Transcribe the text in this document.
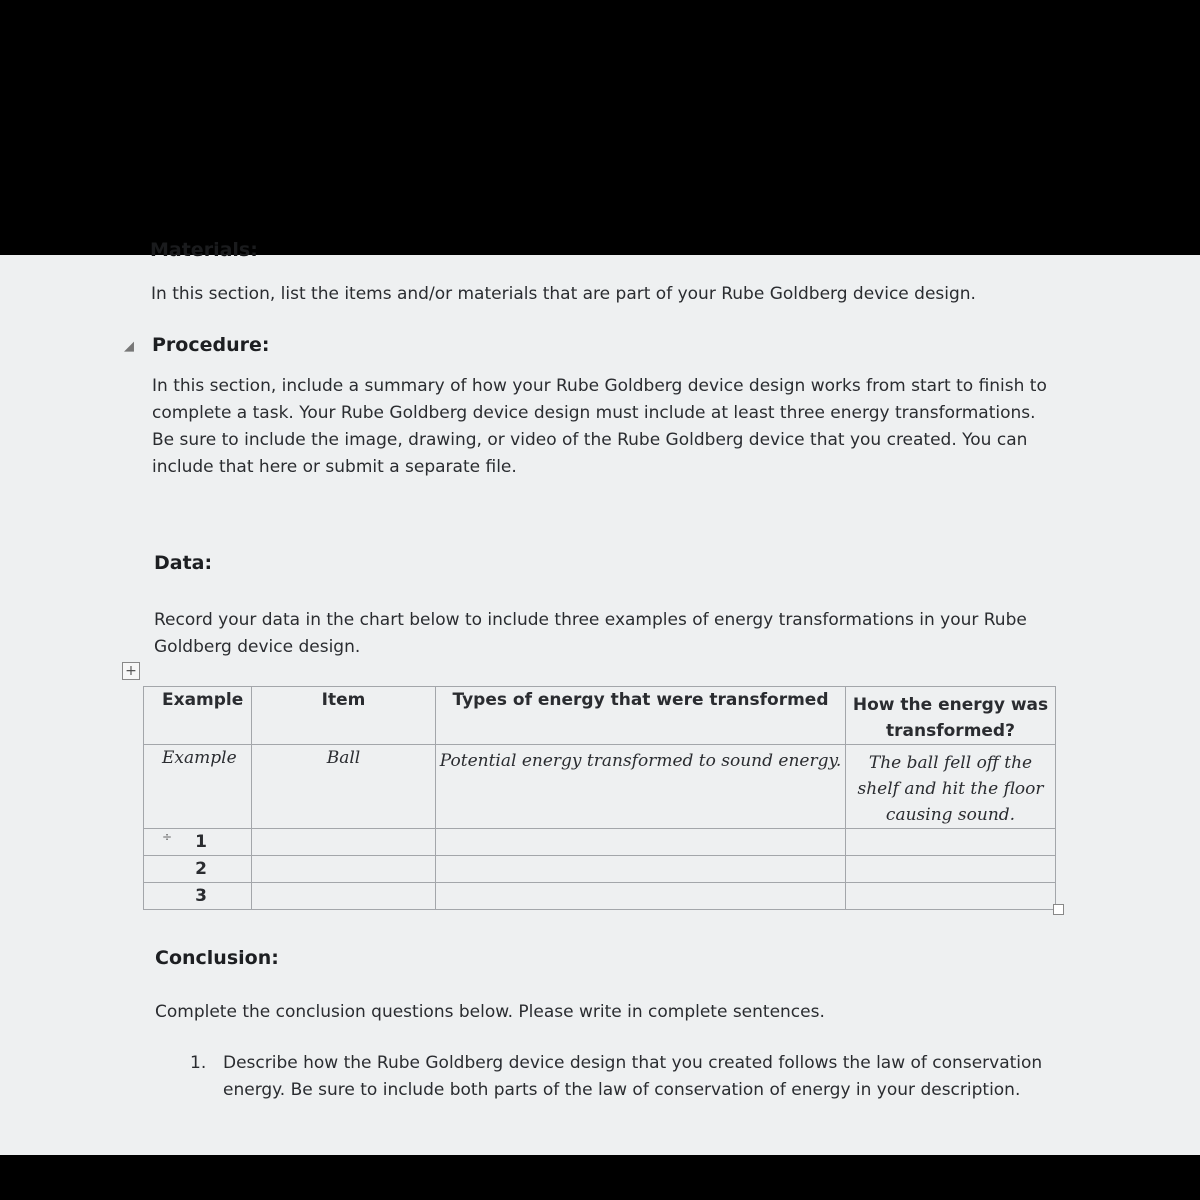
Materials:
In this section, list the items and/or materials that are part of your Rube Goldberg device design.
◢ Procedure:
In this section, include a summary of how your Rube Goldberg device design works from start to finish to
complete a task. Your Rube Goldberg device design must include at least three energy transformations.
Be sure to include the image, drawing, or video of the Rube Goldberg device that you created. You can
include that here or submit a separate file.
Data:
Record your data in the chart below to include three examples of energy transformations in your Rube
Goldberg device design.
+
Example	Item	Types of energy that were transformed	How the energy was transformed?
Example	Ball	Potential energy transformed to sound energy.	The ball fell off the shelf and hit the floor causing sound.
1			
2			
3			
÷
Conclusion:
Complete the conclusion questions below. Please write in complete sentences.
1. Describe how the Rube Goldberg device design that you created follows the law of conservation
energy. Be sure to include both parts of the law of conservation of energy in your description.
